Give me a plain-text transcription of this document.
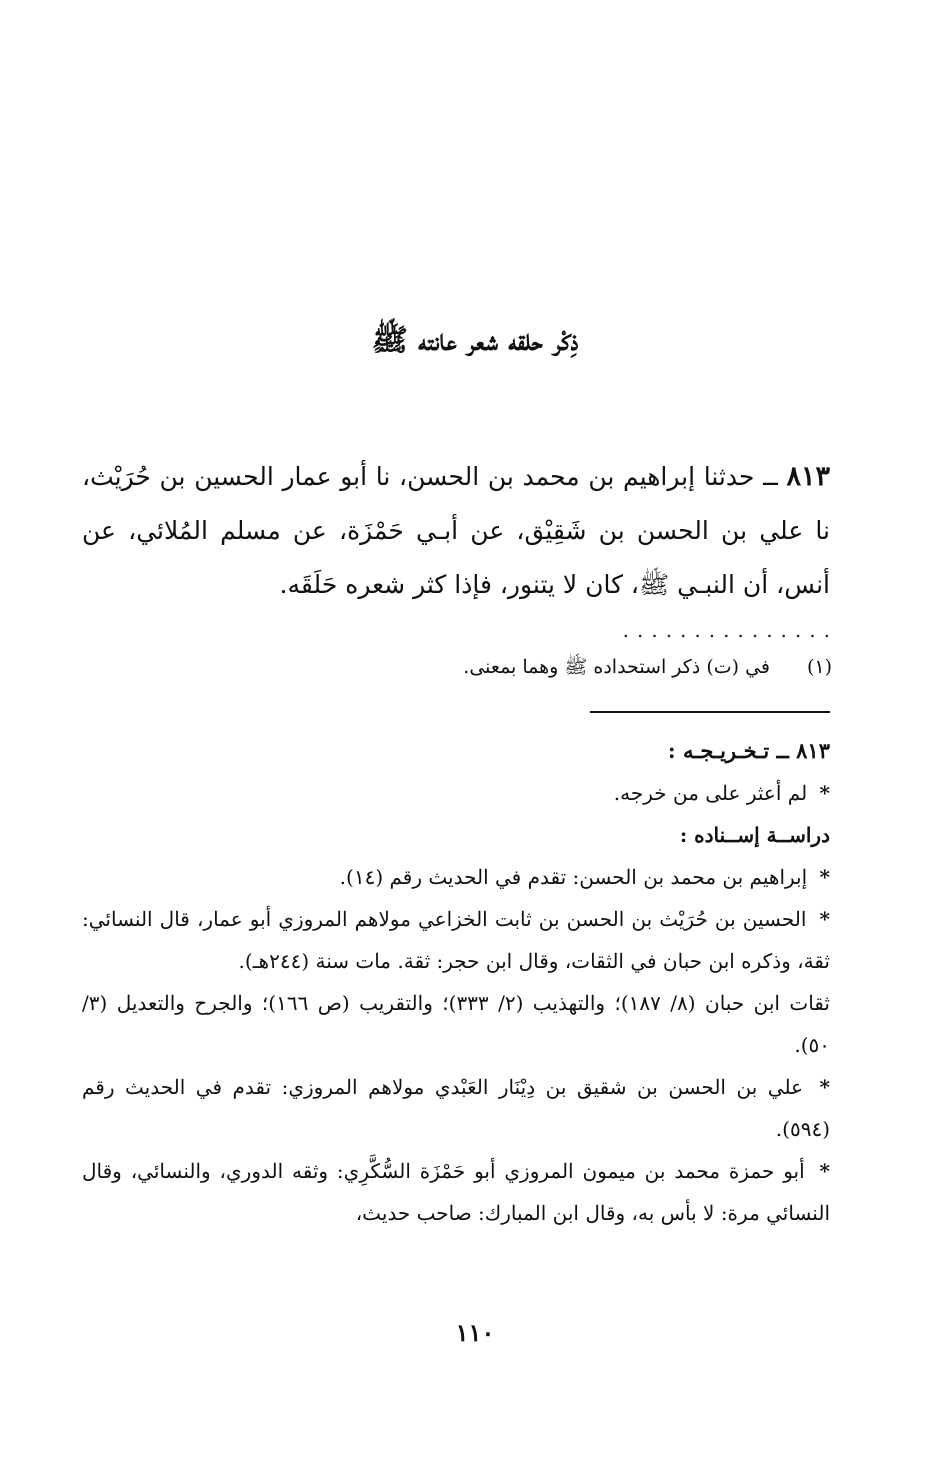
ذِكْر حلقه شعر عانته ﷺ

٨١٣ ــ حدثنا إبراهيم بن محمد بن الحسن، نا أبو عمار الحسين بن حُرَيْث، نا علي بن الحسن بن شَقِيْق، عن أبـي حَمْزَة، عن مسلم المُلائي، عن أنس، أن النبـي ﷺ، كان لا يتنور، فإذا كثر شعره حَلَقَه.

...............

(١)في (ت) ذكر استحداده ﷺ وهما بمعنى.

٨١٣ ــ تـخـريـجـه :

* لم أعثر على من خرجه.

دراســة إســناده :

* إبراهيم بن محمد بن الحسن: تقدم في الحديث رقم (١٤).

* الحسين بن حُرَيْث بن الحسن بن ثابت الخزاعي مولاهم المروزي أبو عمار، قال النسائي: ثقة، وذكره ابن حبان في الثقات، وقال ابن حجر: ثقة. مات سنة (٢٤٤هـ).

ثقات ابن حبان (٨/ ١٨٧)؛ والتهذيب (٢/ ٣٣٣)؛ والتقريب (ص ١٦٦)؛ والجرح والتعديل (٣/ ٥٠).

* علي بن الحسن بن شقيق بن دِيْنَار العَبْدي مولاهم المروزي: تقدم في الحديث رقم (٥٩٤).

* أبو حمزة محمد بن ميمون المروزي أبو حَمْزَة السُّكَّرِي: وثقه الدوري، والنسائي، وقال النسائي مرة: لا بأس به، وقال ابن المبارك: صاحب حديث،

١١٠
